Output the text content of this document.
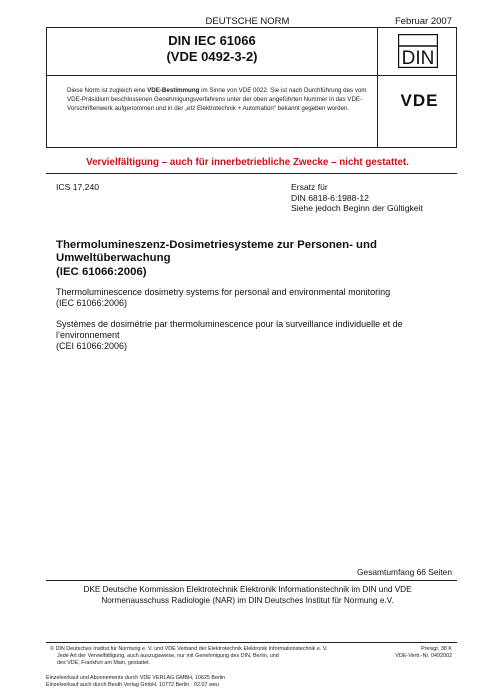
DEUTSCHE NORM	Februar 2007
DIN IEC 61066
(VDE 0492-3-2)
Diese Norm ist zugleich eine VDE-Bestimmung im Sinne von VDE 0022. Sie ist nach Durchführung des vom VDE-Präsidium beschlossenen Genehmigungsverfahrens unter der oben angeführten Nummer in das VDE-Vorschriftenwerk aufgenommen und in der „etz Elektrotechnik + Automation“ bekannt gegeben worden.
DIN
VDE
Vervielfältigung – auch für innerbetriebliche Zwecke – nicht gestattet.
ICS 17.240	Ersatz für
DIN 6818-6:1988-12
Siehe jedoch Beginn der Gültigkeit
Thermolumineszenz-Dosimetriesysteme zur Personen- und
Umweltüberwachung
(IEC 61066:2006)
Thermoluminescence dosimetry systems for personal and environmental monitoring
(IEC 61066:2006)
Systèmes de dosimétrie par thermoluminescence pour la surveillance individuelle et de
l’environnement
(CEI 61066:2006)
Gesamtumfang 66 Seiten
DKE Deutsche Kommission Elektrotechnik Elektronik Informationstechnik im DIN und VDE
Normenausschuss Radiologie (NAR) im DIN Deutsches Institut für Normung e.V.
© DIN Deutsches Institut für Normung e. V. und VDE Verband der Elektrotechnik Elektronik Informationstechnik e. V.
Jede Art der Vervielfältigung, auch auszugsweise, nur mit Genehmigung des DIN, Berlin, und
des VDE, Frankfurt am Main, gestattet.
Preisgr. 38 K
VDE-Vertr.-Nr. 0492002
Einzelverkauf und Abonnements durch VDE VERLAG GMBH, 10625 Berlin
Einzelverkauf auch durch Beuth Verlag GmbH, 10772 Berlin · 02.07 weu
